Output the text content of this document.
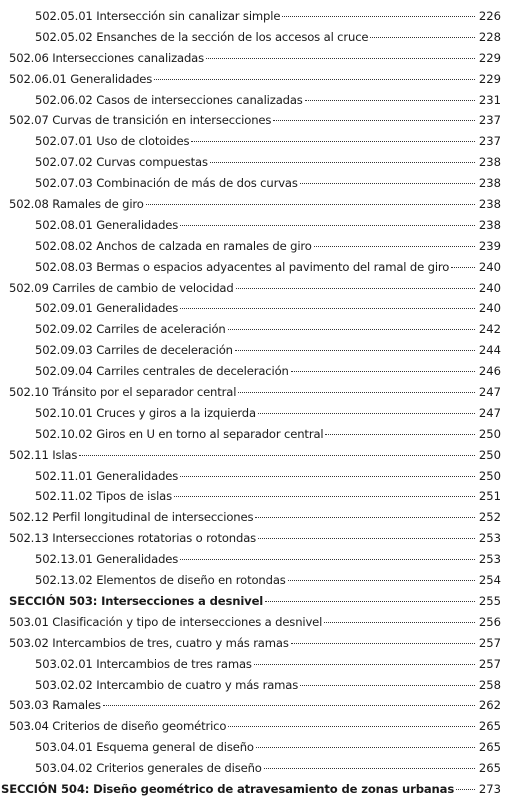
502.05.01 Intersección sin canalizar simple	226
502.05.02 Ensanches de la sección de los accesos al cruce	228
502.06 Intersecciones canalizadas	229
502.06.01 Generalidades	229
502.06.02 Casos de intersecciones canalizadas	231
502.07 Curvas de transición en intersecciones	237
502.07.01 Uso de clotoides	237
502.07.02 Curvas compuestas	238
502.07.03 Combinación de más de dos curvas	238
502.08 Ramales de giro	238
502.08.01 Generalidades	238
502.08.02 Anchos de calzada en ramales de giro	239
502.08.03 Bermas o espacios adyacentes al pavimento del ramal de giro	240
502.09 Carriles de cambio de velocidad	240
502.09.01 Generalidades	240
502.09.02 Carriles de aceleración	242
502.09.03 Carriles de deceleración	244
502.09.04 Carriles centrales de deceleración	246
502.10 Tránsito por el separador central	247
502.10.01 Cruces y giros a la izquierda	247
502.10.02 Giros en U en torno al separador central	250
502.11 Islas	250
502.11.01 Generalidades	250
502.11.02 Tipos de islas	251
502.12 Perfil longitudinal de intersecciones	252
502.13 Intersecciones rotatorias o rotondas	253
502.13.01 Generalidades	253
502.13.02 Elementos de diseño en rotondas	254
SECCIÓN 503: Intersecciones a desnivel	255
503.01 Clasificación y tipo de intersecciones a desnivel	256
503.02 Intercambios de tres, cuatro y más ramas	257
503.02.01 Intercambios de tres ramas	257
503.02.02 Intercambio de cuatro y más ramas	258
503.03 Ramales	262
503.04 Criterios de diseño geométrico	265
503.04.01 Esquema general de diseño	265
503.04.02 Criterios generales de diseño	265
SECCIÓN 504: Diseño geométrico de atravesamiento de zonas urbanas 273
